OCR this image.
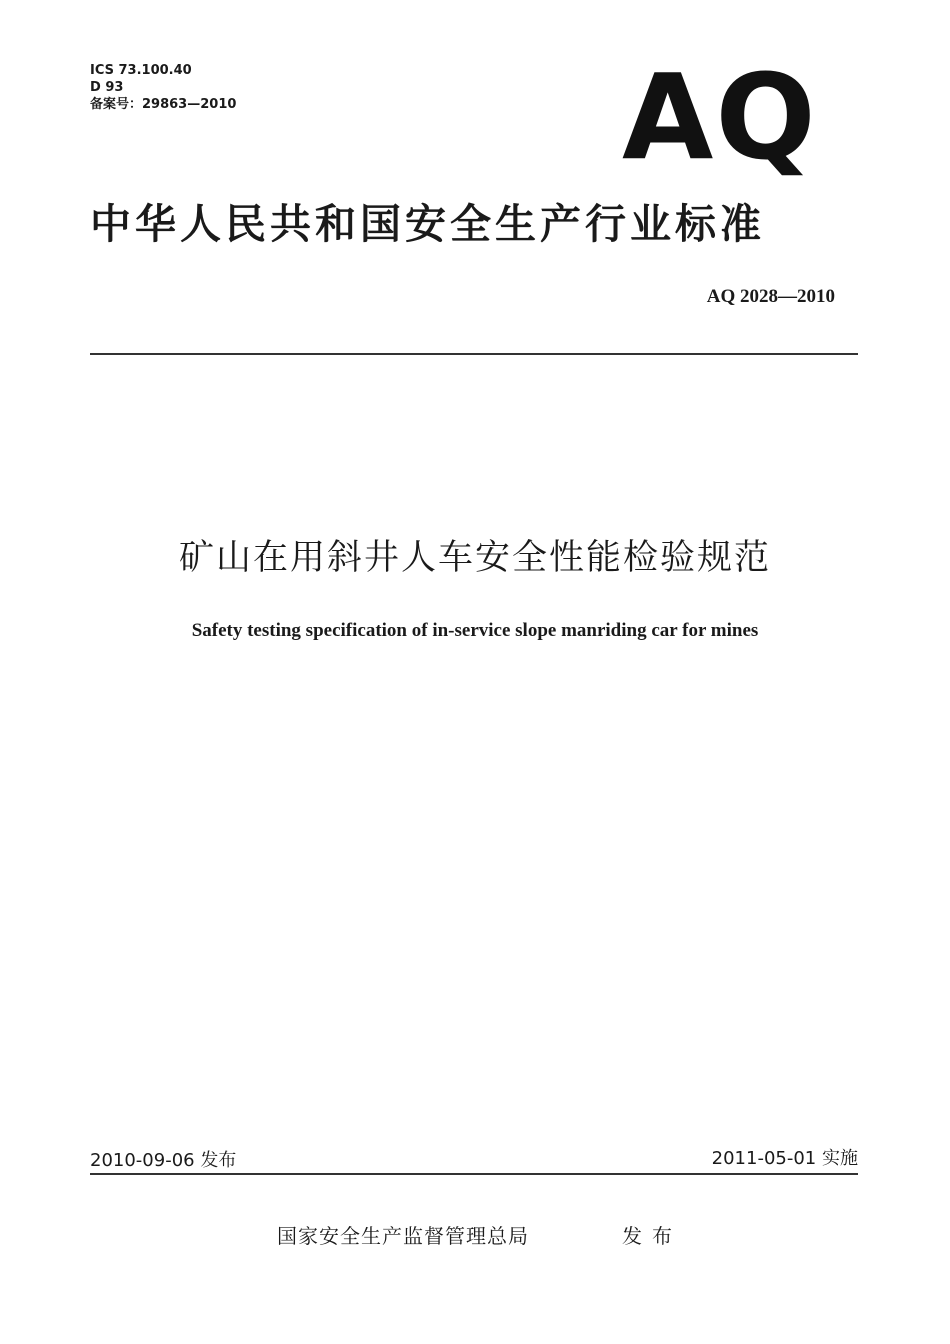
ICS 73.100.40
D 93
备案号：29863—2010	AQ
中华人民共和国安全生产行业标准
AQ 2028—2010
矿山在用斜井人车安全性能检验规范
Safety testing specification of in-service slope manriding car for mines
2010-09-06 发布	2011-05-01 实施
国家安全生产监督管理总局	发布
